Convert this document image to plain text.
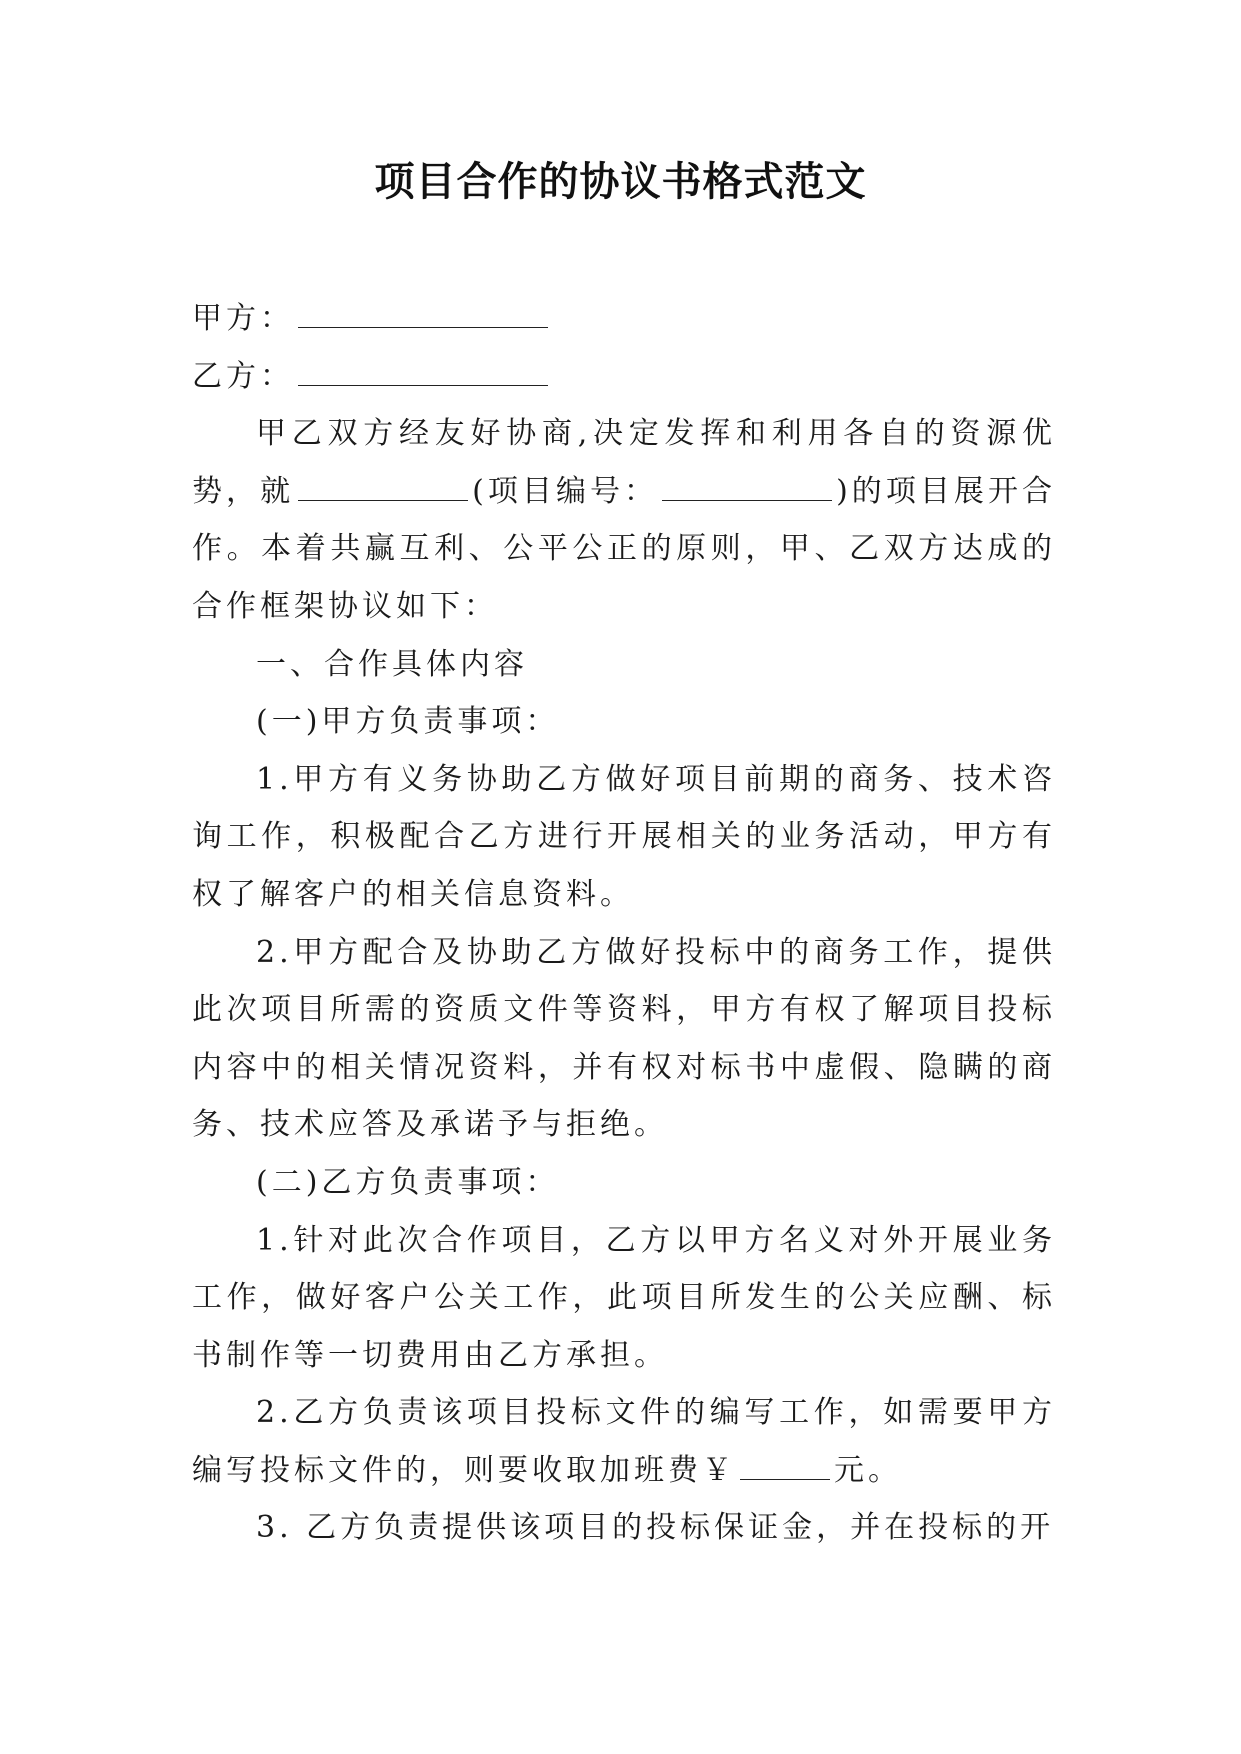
项目合作的协议书格式范文

甲方：

乙方：

甲乙双方经友好协商,决定发挥和利用各自的资源优势，就	(项目编号：	)的项目展开合作。本着共赢互利、公平公正的原则，甲、乙双方达成的合作框架协议如下：

一、合作具体内容

(一)甲方负责事项：

1.甲方有义务协助乙方做好项目前期的商务、技术咨询工作，积极配合乙方进行开展相关的业务活动，甲方有权了解客户的相关信息资料。

2.甲方配合及协助乙方做好投标中的商务工作，提供此次项目所需的资质文件等资料，甲方有权了解项目投标内容中的相关情况资料，并有权对标书中虚假、隐瞒的商务、技术应答及承诺予与拒绝。

(二)乙方负责事项：

1.针对此次合作项目，乙方以甲方名义对外开展业务工作，做好客户公关工作，此项目所发生的公关应酬、标书制作等一切费用由乙方承担。

2.乙方负责该项目投标文件的编写工作，如需要甲方编写投标文件的，则要收取加班费￥	元。

3. 乙方负责提供该项目的投标保证金，并在投标的开
